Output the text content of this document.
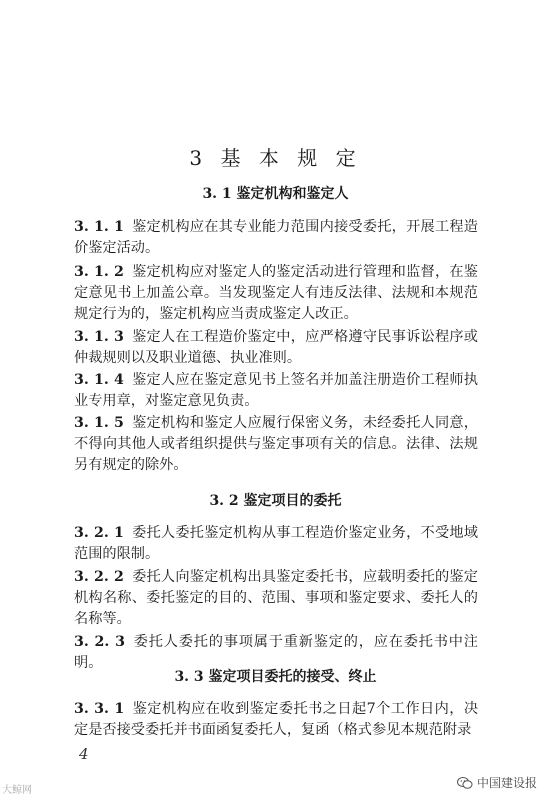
3 基 本 规 定
3. 1 鉴定机构和鉴定人
3. 1. 1 鉴定机构应在其专业能力范围内接受委托，开展工程造价鉴定活动。
3. 1. 2 鉴定机构应对鉴定人的鉴定活动进行管理和监督，在鉴定意见书上加盖公章。当发现鉴定人有违反法律、法规和本规范规定行为的，鉴定机构应当责成鉴定人改正。
3. 1. 3 鉴定人在工程造价鉴定中，应严格遵守民事诉讼程序或仲裁规则以及职业道德、执业准则。
3. 1. 4 鉴定人应在鉴定意见书上签名并加盖注册造价工程师执业专用章，对鉴定意见负责。
3. 1. 5 鉴定机构和鉴定人应履行保密义务，未经委托人同意，不得向其他人或者组织提供与鉴定事项有关的信息。法律、法规另有规定的除外。
3. 2 鉴定项目的委托
3. 2. 1 委托人委托鉴定机构从事工程造价鉴定业务，不受地域范围的限制。
3. 2. 2 委托人向鉴定机构出具鉴定委托书，应载明委托的鉴定机构名称、委托鉴定的目的、范围、事项和鉴定要求、委托人的名称等。
3. 2. 3 委托人委托的事项属于重新鉴定的，应在委托书中注明。
3. 3 鉴定项目委托的接受、终止
3. 3. 1 鉴定机构应在收到鉴定委托书之日起7个工作日内，决定是否接受委托并书面函复委托人，复函（格式参见本规范附录
4
大鲸网
中国建设报
